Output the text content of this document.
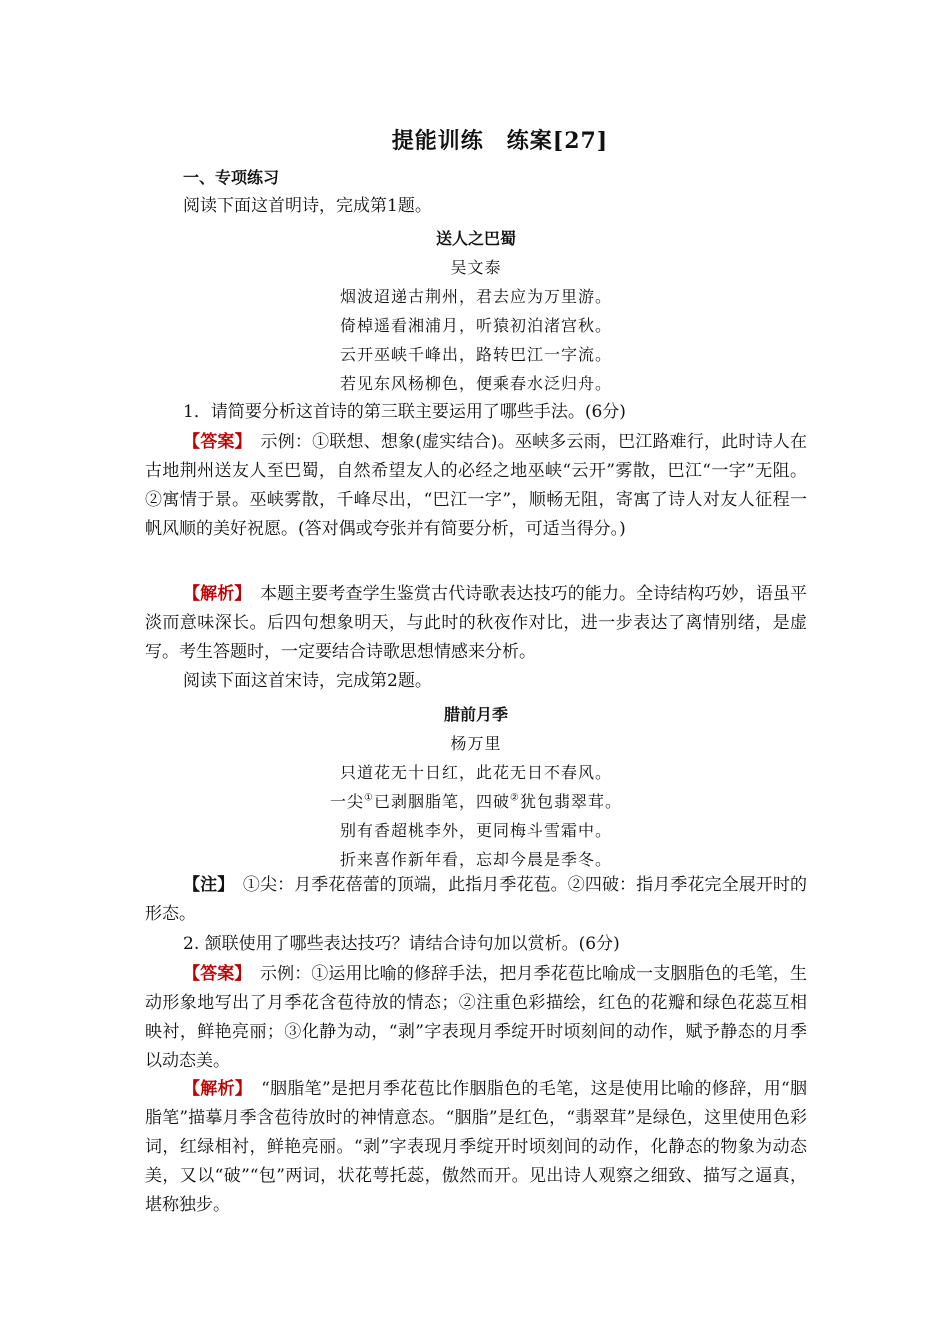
提能训练　练案[27]
一、专项练习
阅读下面这首明诗，完成第1题。
送人之巴蜀
吴文泰
烟波迢递古荆州，君去应为万里游。
倚棹遥看湘浦月，听猿初泊渚宫秋。
云开巫峡千峰出，路转巴江一字流。
若见东风杨柳色，便乘春水泛归舟。
1．请简要分析这首诗的第三联主要运用了哪些手法。(6分)
【答案】　 示例：①联想、想象(虚实结合)。巫峡多云雨，巴江路难行，此时诗人在古地荆州送友人至巴蜀，自然希望友人的必经之地巫峡“云开”雾散，巴江“一字”无阻。②寓情于景。巫峡雾散，千峰尽出，“巴江一字”，顺畅无阻，寄寓了诗人对友人征程一帆风顺的美好祝愿。(答对偶或夸张并有简要分析，可适当得分。)
【解析】　 本题主要考查学生鉴赏古代诗歌表达技巧的能力。全诗结构巧妙，语虽平淡而意味深长。后四句想象明天，与此时的秋夜作对比，进一步表达了离情别绪，是虚写。考生答题时，一定要结合诗歌思想情感来分析。
阅读下面这首宋诗，完成第2题。
腊前月季
杨万里
只道花无十日红，此花无日不春风。
一尖①已剥胭脂笔，四破②犹包翡翠茸。
别有香超桃李外，更同梅斗雪霜中。
折来喜作新年看，忘却今晨是季冬。
【注】　 ①尖：月季花蓓蕾的顶端，此指月季花苞。②四破：指月季花完全展开时的形态。
2. 颔联使用了哪些表达技巧？请结合诗句加以赏析。(6分)
【答案】　 示例：①运用比喻的修辞手法，把月季花苞比喻成一支胭脂色的毛笔，生动形象地写出了月季花含苞待放的情态；②注重色彩描绘，红色的花瓣和绿色花蕊互相映衬，鲜艳亮丽；③化静为动，“剥”字表现月季绽开时顷刻间的动作，赋予静态的月季以动态美。
【解析】　 “胭脂笔”是把月季花苞比作胭脂色的毛笔，这是使用比喻的修辞，用“胭脂笔”描摹月季含苞待放时的神情意态。“胭脂”是红色，“翡翠茸”是绿色，这里使用色彩词，红绿相衬，鲜艳亮丽。“剥”字表现月季绽开时顷刻间的动作，化静态的物象为动态美，又以“破”“包”两词，状花萼托蕊，傲然而开。见出诗人观察之细致、描写之逼真，堪称独步。
